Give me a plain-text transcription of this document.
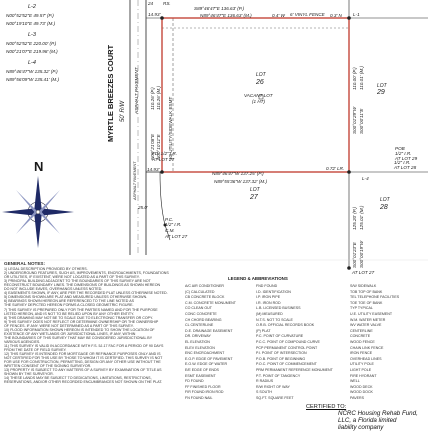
L-2
N00°52'52"E 49.57' (P.)
N00°19'10"E 49.73' (M.)
L-3
N00°52'52"E 220.00' (P.)
N00°21'07"E 219.98' (M.)
L-4
N89°46'47"W 135.32' (P.)
N89°56'09"W 135.41' (M.)	MYRTLE BREEZES COURT 50' R/W ASPHALT PAVEMENT
ASPHALT PAVEMENT
RS.
S89°46'47"E 136.63' (P.)
N89°46'47"E 136.63' (M.)
14.93'	0.4' W 6' VINYL FENCE 0.3' N L-1
24
10' UTILITY/SIDEWALK ESMT
110.26' (P.) 110.26' (M.)
N00°21'08"E N00°10'11"E
110.00' (P.) 110.01' (M.)
S00°01'29"W S00°00'11"E
125.20' (P.) 125.01' (M.)
S00°01'23"E S00°00'19"W
AT LOT 27
LOT
26
VACANT LOT
(1 HT)
LOT
29
LOT
28
LOT
27
N89°46'47"W 137.25' (P.)
N89°55'36"W 137.32' (M.)
L-4
14.93'	0.72' LR.
25.0'
P.C.
1/2" I.R.
C.M.
AT LOT 27
POB
1/2" I.R.
AT LOT 29
1/2" I.R.
AT LOT 28
FD. 1/2" LR.
AT LOT 27
N
GENERAL NOTES:
1) LEGAL DESCRIPTION PROVIDED BY OTHERS.
2) UNDERGROUND FEATURES, SUCH AS, IMPROVEMENTS, ENCROACHMENTS, FOUNDATIONS
OR UTILITIES, IF EXISTENT, WERE NOT LOCATED AS A PART OF THIS SURVEY.
3) PRINCIPAL BUILDING ADJACENT TO THE BOUNDARIES OF THIS SURVEY ARE NOT
RECONSTRUCT BOUNDARY LINES. THE DIMENSIONS OF BUILDINGS AS SHOWN HEREON
DO NOT INCLUDE EAVES, OVERHANGS UNLESS NOTED.
4) EASEMENTS SHOWN, IF ANY, ARE PER THE RECORDED PLAT UNLESS OTHERWISE NOTED.
5) DIMENSIONS SHOWN ARE PLAT AND MEASURED UNLESS OTHERWISE SHOWN.
6) BEARINGS SHOWN HEREON ARE REFERENCED TO THE LINE NOTED AS
THE SURVEY DEPICTED HEREON FORMS A CLOSED GEOMETRIC FIGURE.
7) THIS SURVEY IS PREPARED ONLY FOR THE PARTIES NAMED AND FOR THE PURPOSE
LISTED HEREON, AND IS NOT TO BE RELIED UPON BY ANY OTHER ENTITY.
8) THIS DRAWING MAY NOT BE TO SCALE DUE TO ELECTRONIC TRANSFER OR COPY.
9) THIS SURVEY DOES NOT REFLECT OR DETERMINE OWNERSHIP OR THE OWNERSHIP
OF FENCES. IF ANY. WERE NOT DETERMINED AS A PART OF THIS SURVEY.
10) FLOOD INFORMATION SHOWN HEREON IS INTENDED TO SHOW THE LOCATION OF
EXISTENCE OF ANY WETLANDS OR JURISDICTIONAL LINES, IF ANY, WITHIN
THE BOUNDARIES OF THIS SURVEY THAT MAY BE CONSIDERED JURISDICTIONAL BY
VARIOUS AGENCIES.
11) THIS SURVEY IS VALID IN ACCORDANCE WITH F.S. 5J-17 FAC FOR A PERIOD OF 90 DAYS
FROM THE DATE OF FIELD SURVEY.
12) THIS SURVEY IS INTENDED FOR MORTGAGE OR REFINANCE PURPOSES ONLY AND IS
NOT CERTIFIED FOR THIS USE BY THOSE TO WHOM IT IS CERTIFIED. THIS SURVEY IS NOT
FOR USE FOR CONSTRUCTION, PERMITTING, DESIGN OR ANY OTHER USE WITHOUT THE
WRITTEN CONSENT OF THE SIGNING SURVEYOR.
13) PROPERTY IS SUBJECT TO ANY MATTERS OF A SURVEY BY EXAMINATION OF TITLE AS
SHOWN BY THE SURVEYOR.
14) THESE LANDS MAY BE SUBJECT TO DEDICATIONS, LIMITATIONS, RESTRICTIONS,
RESERVATIONS, AND/OR OTHER RECORDED ENCUMBRANCES NOT SHOWN ON THE PLAT.
LEGEND & ABBREVIATIONS
A/C AIR CONDITIONER
(C) CALCULATED
CB CONCRETE BLOCK
C.M. CONCRETE MONUMENT
CO CLEAN OUT
CONC CONCRETE
CH CHORD BEARING
CL CENTERLINE
D.E. DRAINAGE EASEMENT
DR. DRIVEWAY
EL ELEVATION
ELEV ELEVATION
ENC ENCROACHMENT
E.O.P. EDGE OF PAVEMENT
E.O.W. EDGE OF WATER
E/E EDGE OF ENDS
ESMT EASEMENT
FD FOUND
FF FINISHED FLOOR
FIR FOUND IRON ROD
FN FOUND NAIL
FND FOUND
I.D. IDENTIFICATION
I.P. IRON PIPE
I.R. IRON ROD
L.B. LICENSED BUSINESS
(M) MEASURED
N.T.S. NOT TO SCALE
O.R.B. OFFICIAL RECORDS BOOK
(P) PLAT
P.C. POINT OF CURVATURE
P.C.C. POINT OF COMPOUND CURVE
PCP PERMANENT CONTROL POINT
P.I. POINT OF INTERSECTION
P.O.B. POINT OF BEGINNING
P.O.C. POINT OF COMMENCEMENT
PRM PERMANENT REFERENCE MONUMENT
P.T. POINT OF TANGENCY
R RADIUS
R/W RIGHT OF WAY
S SOUTH
SQ.FT. SQUARE FEET
S/W SIDEWALK
TOB TOP OF BANK
TEL TELEPHONE FACILITIES
TOE TOE OF BANK
TYP TYPICAL
U.E. UTILITY EASEMENT
W.M. WATER METER
WV WATER VALVE
CENTERLINE
CONCRETE
WOOD FENCE
CHAIN LINK FENCE
IRON FENCE
OVERHEAD LINES
UTILITY POLE
LIGHT POLE
FIRE HYDRANT
WELL
WOOD DECK
WOOD DOCK
PAVERS
CERTIFIED TO:
NCRC Housing Rehab Fund,
LLC, a Florida limited
liability company
